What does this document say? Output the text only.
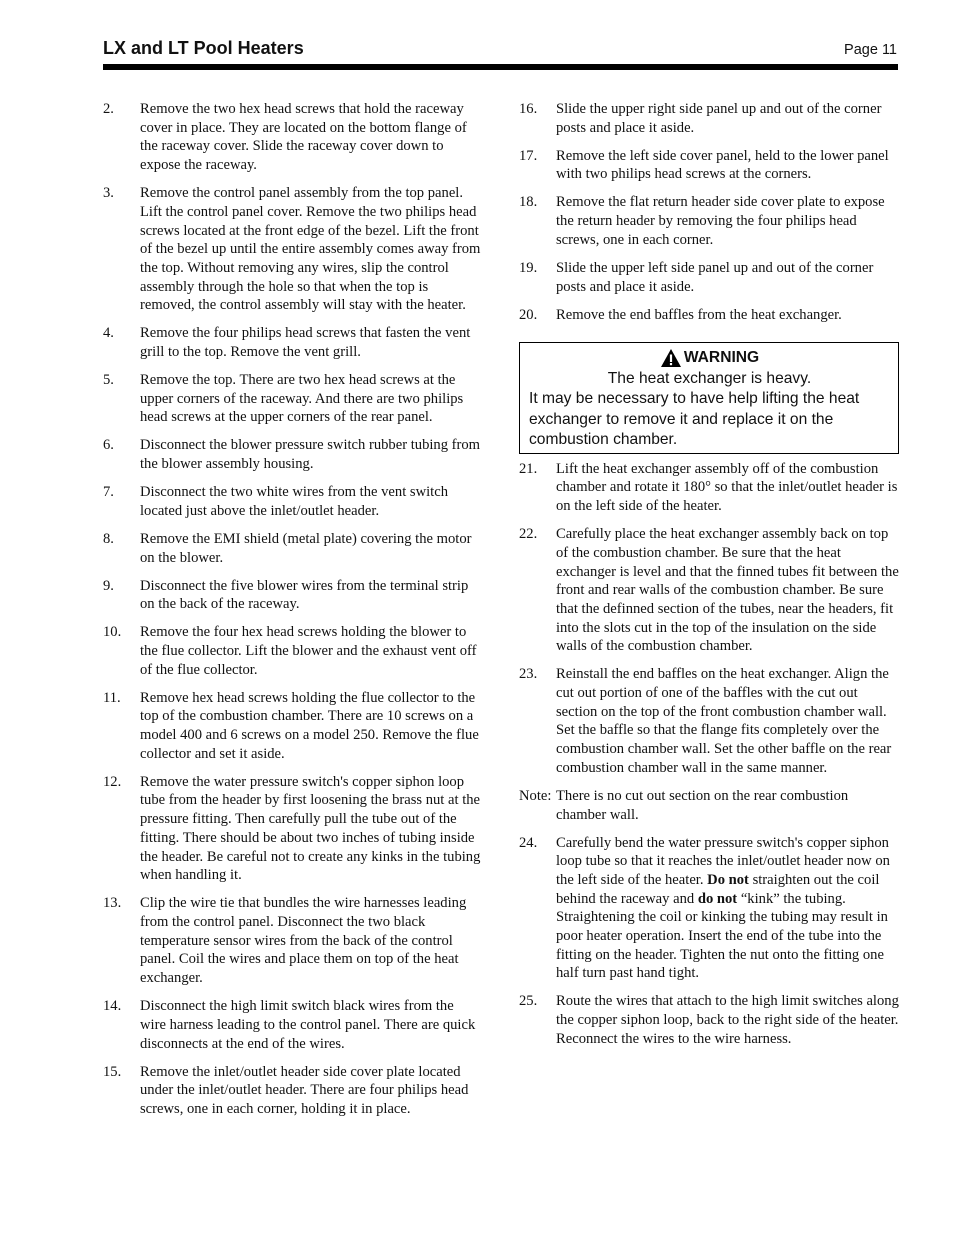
LX and LT Pool Heaters	Page 11
2. Remove the two hex head screws that hold the raceway cover in place. They are located on the bottom flange of the raceway cover. Slide the raceway cover down to expose the raceway.
3. Remove the control panel assembly from the top panel. Lift the control panel cover. Remove the two philips head screws located at the front edge of the bezel. Lift the front of the bezel up until the entire assembly comes away from the top. Without removing any wires, slip the control assembly through the hole so that when the top is removed, the control assembly will stay with the heater.
4. Remove the four philips head screws that fasten the vent grill to the top. Remove the vent grill.
5. Remove the top. There are two hex head screws at the upper corners of the raceway. And there are two philips head screws at the upper corners of the rear panel.
6. Disconnect the blower pressure switch rubber tubing from the blower assembly housing.
7. Disconnect the two white wires from the vent switch located just above the inlet/outlet header.
8. Remove the EMI shield (metal plate) covering the motor on the blower.
9. Disconnect the five blower wires from the terminal strip on the back of the raceway.
10. Remove the four hex head screws holding the blower to the flue collector. Lift the blower and the exhaust vent off of the flue collector.
11. Remove hex head screws holding the flue collector to the top of the combustion chamber. There are 10 screws on a model 400 and 6 screws on a model 250. Remove the flue collector and set it aside.
12. Remove the water pressure switch's copper siphon loop tube from the header by first loosening the brass nut at the pressure fitting. Then carefully pull the tube out of the fitting. There should be about two inches of tubing inside the header. Be careful not to create any kinks in the tubing when handling it.
13. Clip the wire tie that bundles the wire harnesses leading from the control panel. Disconnect the two black temperature sensor wires from the back of the control panel. Coil the wires and place them on top of the heat exchanger.
14. Disconnect the high limit switch black wires from the wire harness leading to the control panel. There are quick disconnects at the end of the wires.
15. Remove the inlet/outlet header side cover plate located under the inlet/outlet header. There are four philips head screws, one in each corner, holding it in place.
16. Slide the upper right side panel up and out of the corner posts and place it aside.
17. Remove the left side cover panel, held to the lower panel with two philips head screws at the corners.
18. Remove the flat return header side cover plate to expose the return header by removing the four philips head screws, one in each corner.
19. Slide the upper left side panel up and out of the corner posts and place it aside.
20. Remove the end baffles from the heat exchanger.
WARNING
The heat exchanger is heavy.
It may be necessary to have help lifting the heat exchanger to remove it and replace it on the combustion chamber.
21. Lift the heat exchanger assembly off of the combustion chamber and rotate it 180° so that the inlet/outlet header is on the left side of the heater.
22. Carefully place the heat exchanger assembly back on top of the combustion chamber. Be sure that the heat exchanger is level and that the finned tubes fit between the front and rear walls of the combustion chamber. Be sure that the definned section of the tubes, near the headers, fit into the slots cut in the top of the insulation on the side walls of the combustion chamber.
23. Reinstall the end baffles on the heat exchanger. Align the cut out portion of one of the baffles with the cut out section on the top of the front combustion chamber wall. Set the baffle so that the flange fits completely over the combustion chamber wall. Set the other baffle on the rear combustion chamber wall in the same manner.
Note: There is no cut out section on the rear combustion chamber wall.
24. Carefully bend the water pressure switch's copper siphon loop tube so that it reaches the inlet/outlet header now on the left side of the heater. Do not straighten out the coil behind the raceway and do not “kink” the tubing. Straightening the coil or kinking the tubing may result in poor heater operation. Insert the end of the tube into the fitting on the header. Tighten the nut onto the fitting one half turn past hand tight.
25. Route the wires that attach to the high limit switches along the copper siphon loop, back to the right side of the heater. Reconnect the wires to the wire harness.
